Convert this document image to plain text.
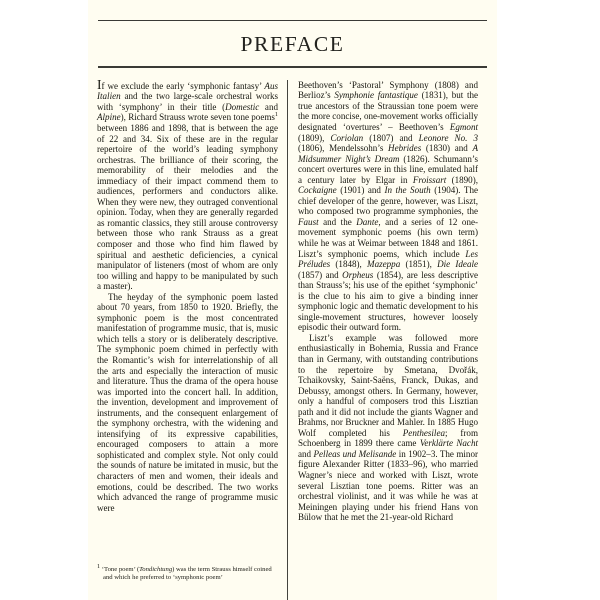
PREFACE

If we exclude the early ‘symphonic fantasy’ Aus Italien and the two large-scale orchestral works with ‘symphony’ in their title (Domestic and Alpine), Richard Strauss wrote seven tone poems$^1$ between 1886 and 1898, that is between the age of 22 and 34. Six of these are in the regular repertoire of the world’s leading symphony orchestras. The brilliance of their scoring, the memorability of their melodies and the immediacy of their impact commend them to audiences, performers and conductors alike. When they were new, they outraged conventional opinion. Today, when they are generally regarded as romantic classics, they still arouse controversy between those who rank Strauss as a great composer and those who find him flawed by spiritual and aesthetic deficiencies, a cynical manipulator of listeners (most of whom are only too willing and happy to be manipulated by such a master).

The heyday of the symphonic poem lasted about 70 years, from 1850 to 1920. Briefly, the symphonic poem is the most concentrated manifestation of programme music, that is, music which tells a story or is deliberately descriptive. The symphonic poem chimed in perfectly with the Romantic’s wish for interrelationship of all the arts and especially the interaction of music and literature. Thus the drama of the opera house was imported into the concert hall. In addition, the invention, development and improvement of instruments, and the consequent enlargement of the symphony orchestra, with the widening and intensifying of its expressive capabilities, encouraged composers to attain a more sophisticated and complex style. Not only could the sounds of nature be imitated in music, but the characters of men and women, their ideals and emotions, could be described. The two works which advanced the range of programme music were

1 ‘Tone poem’ (Tondichtung) was the term Strauss himself coined and which he preferred to ‘symphonic poem’

Beethoven’s ‘Pastoral’ Symphony (1808) and Berlioz’s Symphonie fantastique (1831), but the true ancestors of the Straussian tone poem were the more concise, one-movement works officially designated ‘overtures’ – Beethoven’s Egmont (1809), Coriolan (1807) and Leonore No. 3 (1806), Mendelssohn’s Hebrides (1830) and A Midsummer Night’s Dream (1826). Schumann’s concert overtures were in this line, emulated half a century later by Elgar in Froissart (1890), Cockaigne (1901) and In the South (1904). The chief developer of the genre, however, was Liszt, who composed two programme symphonies, the Faust and the Dante, and a series of 12 one-movement symphonic poems (his own term) while he was at Weimar between 1848 and 1861. Liszt’s symphonic poems, which include Les Préludes (1848), Mazeppa (1851), Die Ideale (1857) and Orpheus (1854), are less descriptive than Strauss’s; his use of the epithet ‘symphonic’ is the clue to his aim to give a binding inner symphonic logic and thematic development to his single-movement structures, however loosely episodic their outward form.

Liszt’s example was followed more enthusiastically in Bohemia, Russia and France than in Germany, with outstanding contributions to the repertoire by Smetana, Dvořák, Tchaikovsky, Saint-Saëns, Franck, Dukas, and Debussy, amongst others. In Germany, however, only a handful of composers trod this Lisztian path and it did not include the giants Wagner and Brahms, nor Bruckner and Mahler. In 1885 Hugo Wolf completed his Penthesilea; from Schoenberg in 1899 there came Verklärte Nacht and Pelleas und Melisande in 1902–3. The minor figure Alexander Ritter (1833–96), who married Wagner’s niece and worked with Liszt, wrote several Lisztian tone poems. Ritter was an orchestral violinist, and it was while he was at Meiningen playing under his friend Hans von Bülow that he met the 21-year-old Richard
